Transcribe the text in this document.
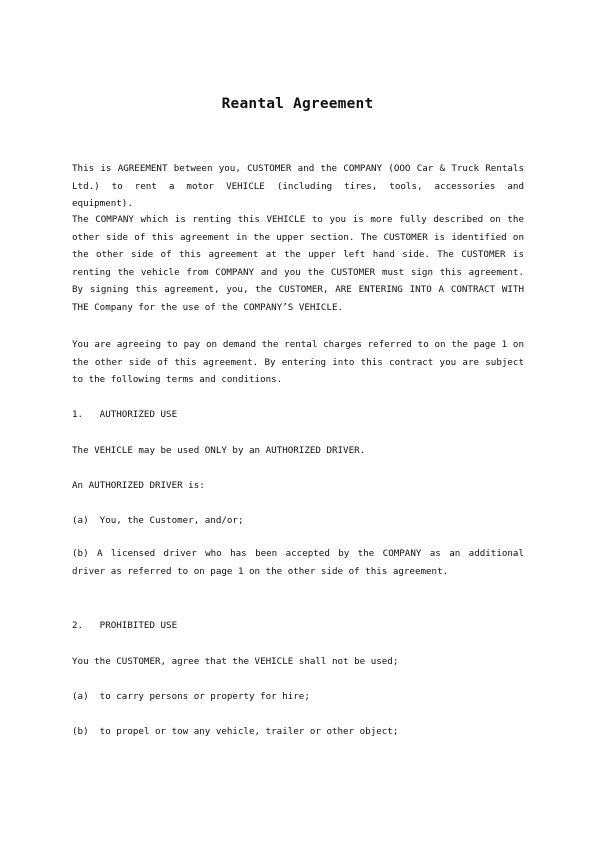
Reantal Agreement
This is AGREEMENT between you, CUSTOMER and the COMPANY (OOO Car & Truck Rentals Ltd.) to rent a motor VEHICLE (including tires, tools, accessories and equipment).
The COMPANY which is renting this VEHICLE to you is more fully described on the other side of this agreement in the upper section. The CUSTOMER is identified on the other side of this agreement at the upper left hand side. The CUSTOMER is renting the vehicle from COMPANY and you the CUSTOMER must sign this agreement. By signing this agreement, you, the CUSTOMER, ARE ENTERING INTO A CONTRACT WITH THE Company for the use of the COMPANY’S VEHICLE.
You are agreeing to pay on demand the rental charges referred to on the page 1 on the other side of this agreement. By entering into this contract you are subject to the following terms and conditions.
1.   AUTHORIZED USE
The VEHICLE may be used ONLY by an AUTHORIZED DRIVER.
An AUTHORIZED DRIVER is:
(a)  You, the Customer, and/or;
(b) A licensed driver who has been accepted by the COMPANY as an additional driver as referred to on page 1 on the other side of this agreement.
2.   PROHIBITED USE
You the CUSTOMER, agree that the VEHICLE shall not be used;
(a)  to carry persons or property for hire;
(b)  to propel or tow any vehicle, trailer or other object;
